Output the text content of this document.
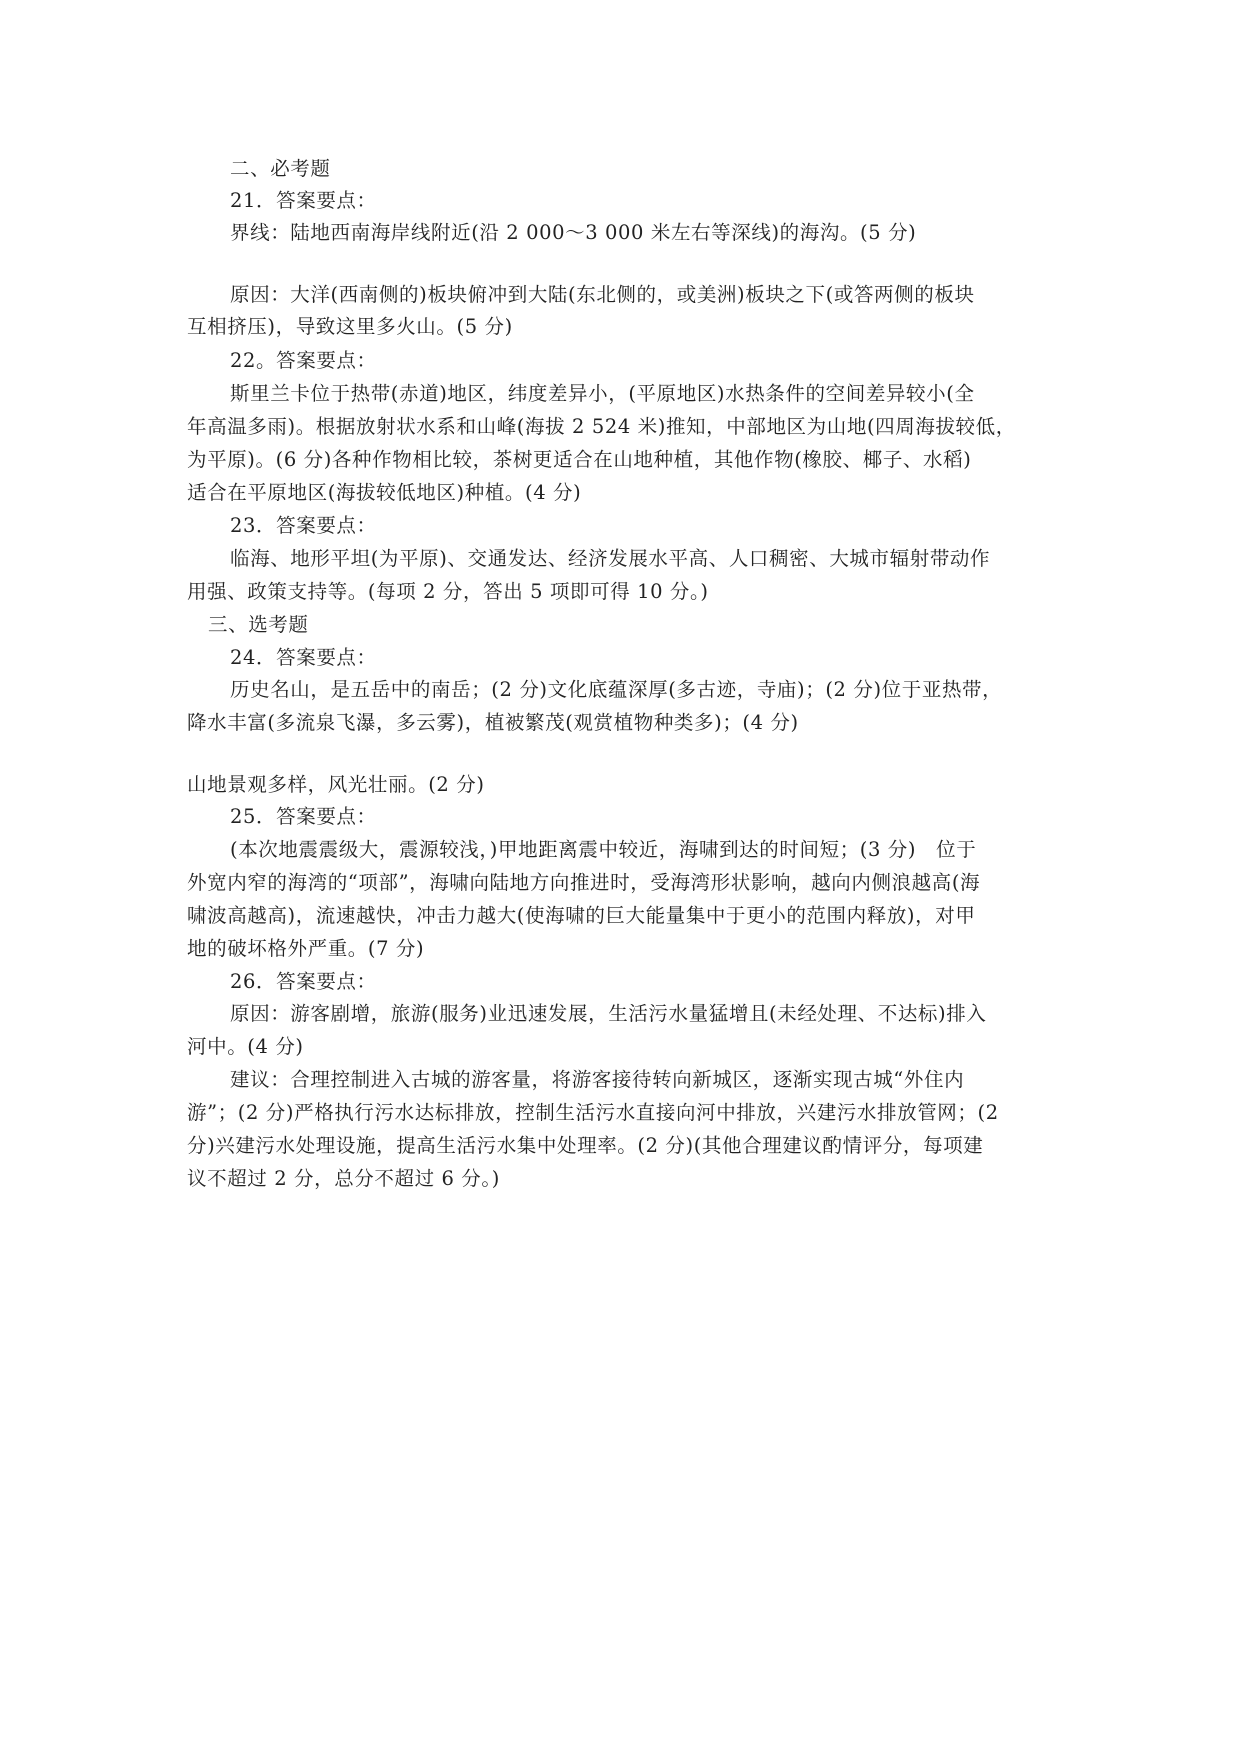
二、必考题
21．答案要点：
界线：陆地西南海岸线附近(沿 2 000～3 000 米左右等深线)的海沟。(5 分)
原因：大洋(西南侧的)板块俯冲到大陆(东北侧的，或美洲)板块之下(或答两侧的板块
互相挤压)，导致这里多火山。(5 分)
22。答案要点：
斯里兰卡位于热带(赤道)地区，纬度差异小，(平原地区)水热条件的空间差异较小(全
年高温多雨)。根据放射状水系和山峰(海拔 2 524 米)推知，中部地区为山地(四周海拔较低，
为平原)。(6 分)各种作物相比较，茶树更适合在山地种植，其他作物(橡胶、椰子、水稻)
适合在平原地区(海拔较低地区)种植。(4 分)
23．答案要点：
临海、地形平坦(为平原)、交通发达、经济发展水平高、人口稠密、大城市辐射带动作
用强、政策支持等。(每项 2 分，答出 5 项即可得 10 分。)
三、选考题
24．答案要点：
历史名山，是五岳中的南岳；(2 分)文化底蕴深厚(多古迹，寺庙)；(2 分)位于亚热带，
降水丰富(多流泉飞瀑，多云雾)，植被繁茂(观赏植物种类多)；(4 分)
山地景观多样，风光壮丽。(2 分)
25．答案要点：
(本次地震震级大，震源较浅，)甲地距离震中较近，海啸到达的时间短；(3 分)　位于
外宽内窄的海湾的“项部”，海啸向陆地方向推进时，受海湾形状影响，越向内侧浪越高(海
啸波高越高)，流速越快，冲击力越大(使海啸的巨大能量集中于更小的范围内释放)，对甲
地的破坏格外严重。(7 分)
26．答案要点：
原因：游客剧增，旅游(服务)业迅速发展，生活污水量猛增且(未经处理、不达标)排入
河中。(4 分)
建议：合理控制进入古城的游客量，将游客接待转向新城区，逐渐实现古城“外住内
游”；(2 分)严格执行污水达标排放，控制生活污水直接向河中排放，兴建污水排放管网；(2
分)兴建污水处理设施，提高生活污水集中处理率。(2 分)(其他合理建议酌情评分，每项建
议不超过 2 分，总分不超过 6 分。)
